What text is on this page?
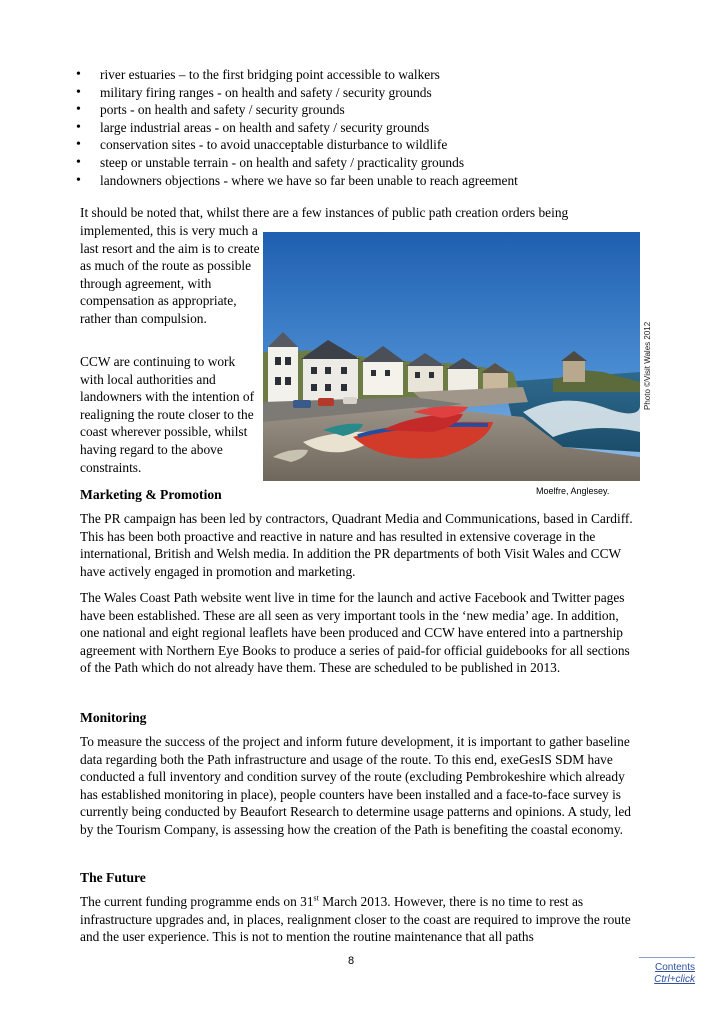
• river estuaries – to the first bridging point accessible to walkers
• military firing ranges - on health and safety / security grounds
• ports - on health and safety / security grounds
• large industrial areas - on health and safety / security grounds
• conservation sites - to avoid unacceptable disturbance to wildlife
• steep or unstable terrain - on health and safety / practicality grounds
• landowners objections - where we have so far been unable to reach agreement

It should be noted that, whilst there are a few instances of public path creation orders being

implemented, this is very much a last resort and the aim is to create as much of the route as possible through agreement, with compensation as appropriate, rather than compulsion.

CCW are continuing to work with local authorities and landowners with the intention of realigning the route closer to the coast wherever possible, whilst having regard to the above constraints.

Photo ©Visit Wales 2012
Moelfre, Anglesey.
Marketing & Promotion

The PR campaign has been led by contractors, Quadrant Media and Communications, based in Cardiff. This has been both proactive and reactive in nature and has resulted in extensive coverage in the international, British and Welsh media. In addition the PR departments of both Visit Wales and CCW have actively engaged in promotion and marketing.

The Wales Coast Path website went live in time for the launch and active Facebook and Twitter pages have been established. These are all seen as very important tools in the ‘new media’ age. In addition, one national and eight regional leaflets have been produced and CCW have entered into a partnership agreement with Northern Eye Books to produce a series of paid-for official guidebooks for all sections of the Path which do not already have them. These are scheduled to be published in 2013.

Monitoring

To measure the success of the project and inform future development, it is important to gather baseline data regarding both the Path infrastructure and usage of the route. To this end, exeGesIS SDM have conducted a full inventory and condition survey of the route (excluding Pembrokeshire which already has established monitoring in place), people counters have been installed and a face-to-face survey is currently being conducted by Beaufort Research to determine usage patterns and opinions. A study, led by the Tourism Company, is assessing how the creation of the Path is benefiting the coastal economy.

The Future

The current funding programme ends on 31st March 2013. However, there is no time to rest as infrastructure upgrades and, in places, realignment closer to the coast are required to improve the route and the user experience. This is not to mention the routine maintenance that all paths

8
Contents
Ctrl+click
